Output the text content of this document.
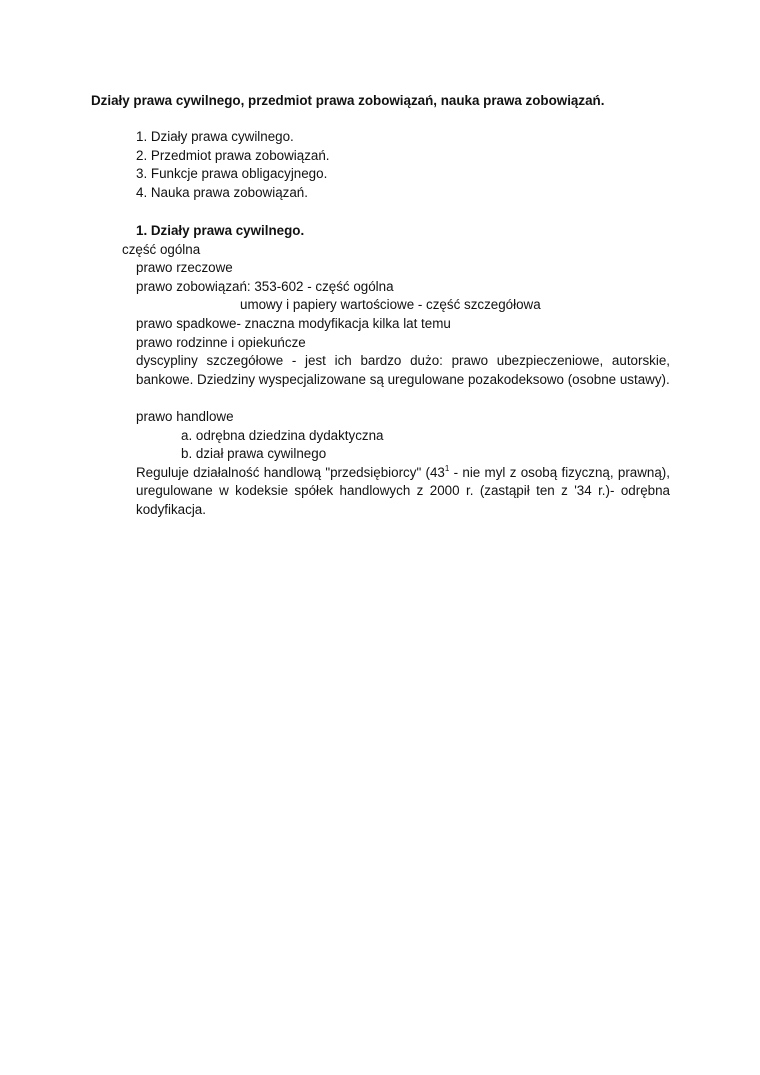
Działy prawa cywilnego, przedmiot prawa zobowiązań, nauka prawa zobowiązań.
1. Działy prawa cywilnego.
2. Przedmiot prawa zobowiązań.
3. Funkcje prawa obligacyjnego.
4. Nauka prawa zobowiązań.
1. Działy prawa cywilnego.
część ogólna
prawo rzeczowe
prawo zobowiązań: 353-602 - część ogólna
umowy i papiery wartościowe - część szczegółowa
prawo spadkowe- znaczna modyfikacja kilka lat temu
prawo rodzinne i opiekuńcze
dyscypliny szczegółowe - jest ich bardzo dużo: prawo ubezpieczeniowe, autorskie, bankowe. Dziedziny wyspecjalizowane są uregulowane pozakodeksowo (osobne ustawy).
prawo handlowe
a. odrębna dziedzina dydaktyczna
b. dział prawa cywilnego
Reguluje działalność handlową "przedsiębiorcy" ($43^1$ - nie myl z osobą fizyczną, prawną), uregulowane w kodeksie spółek handlowych z 2000 r. (zastąpił ten z '34 r.)- odrębna kodyfikacja.
